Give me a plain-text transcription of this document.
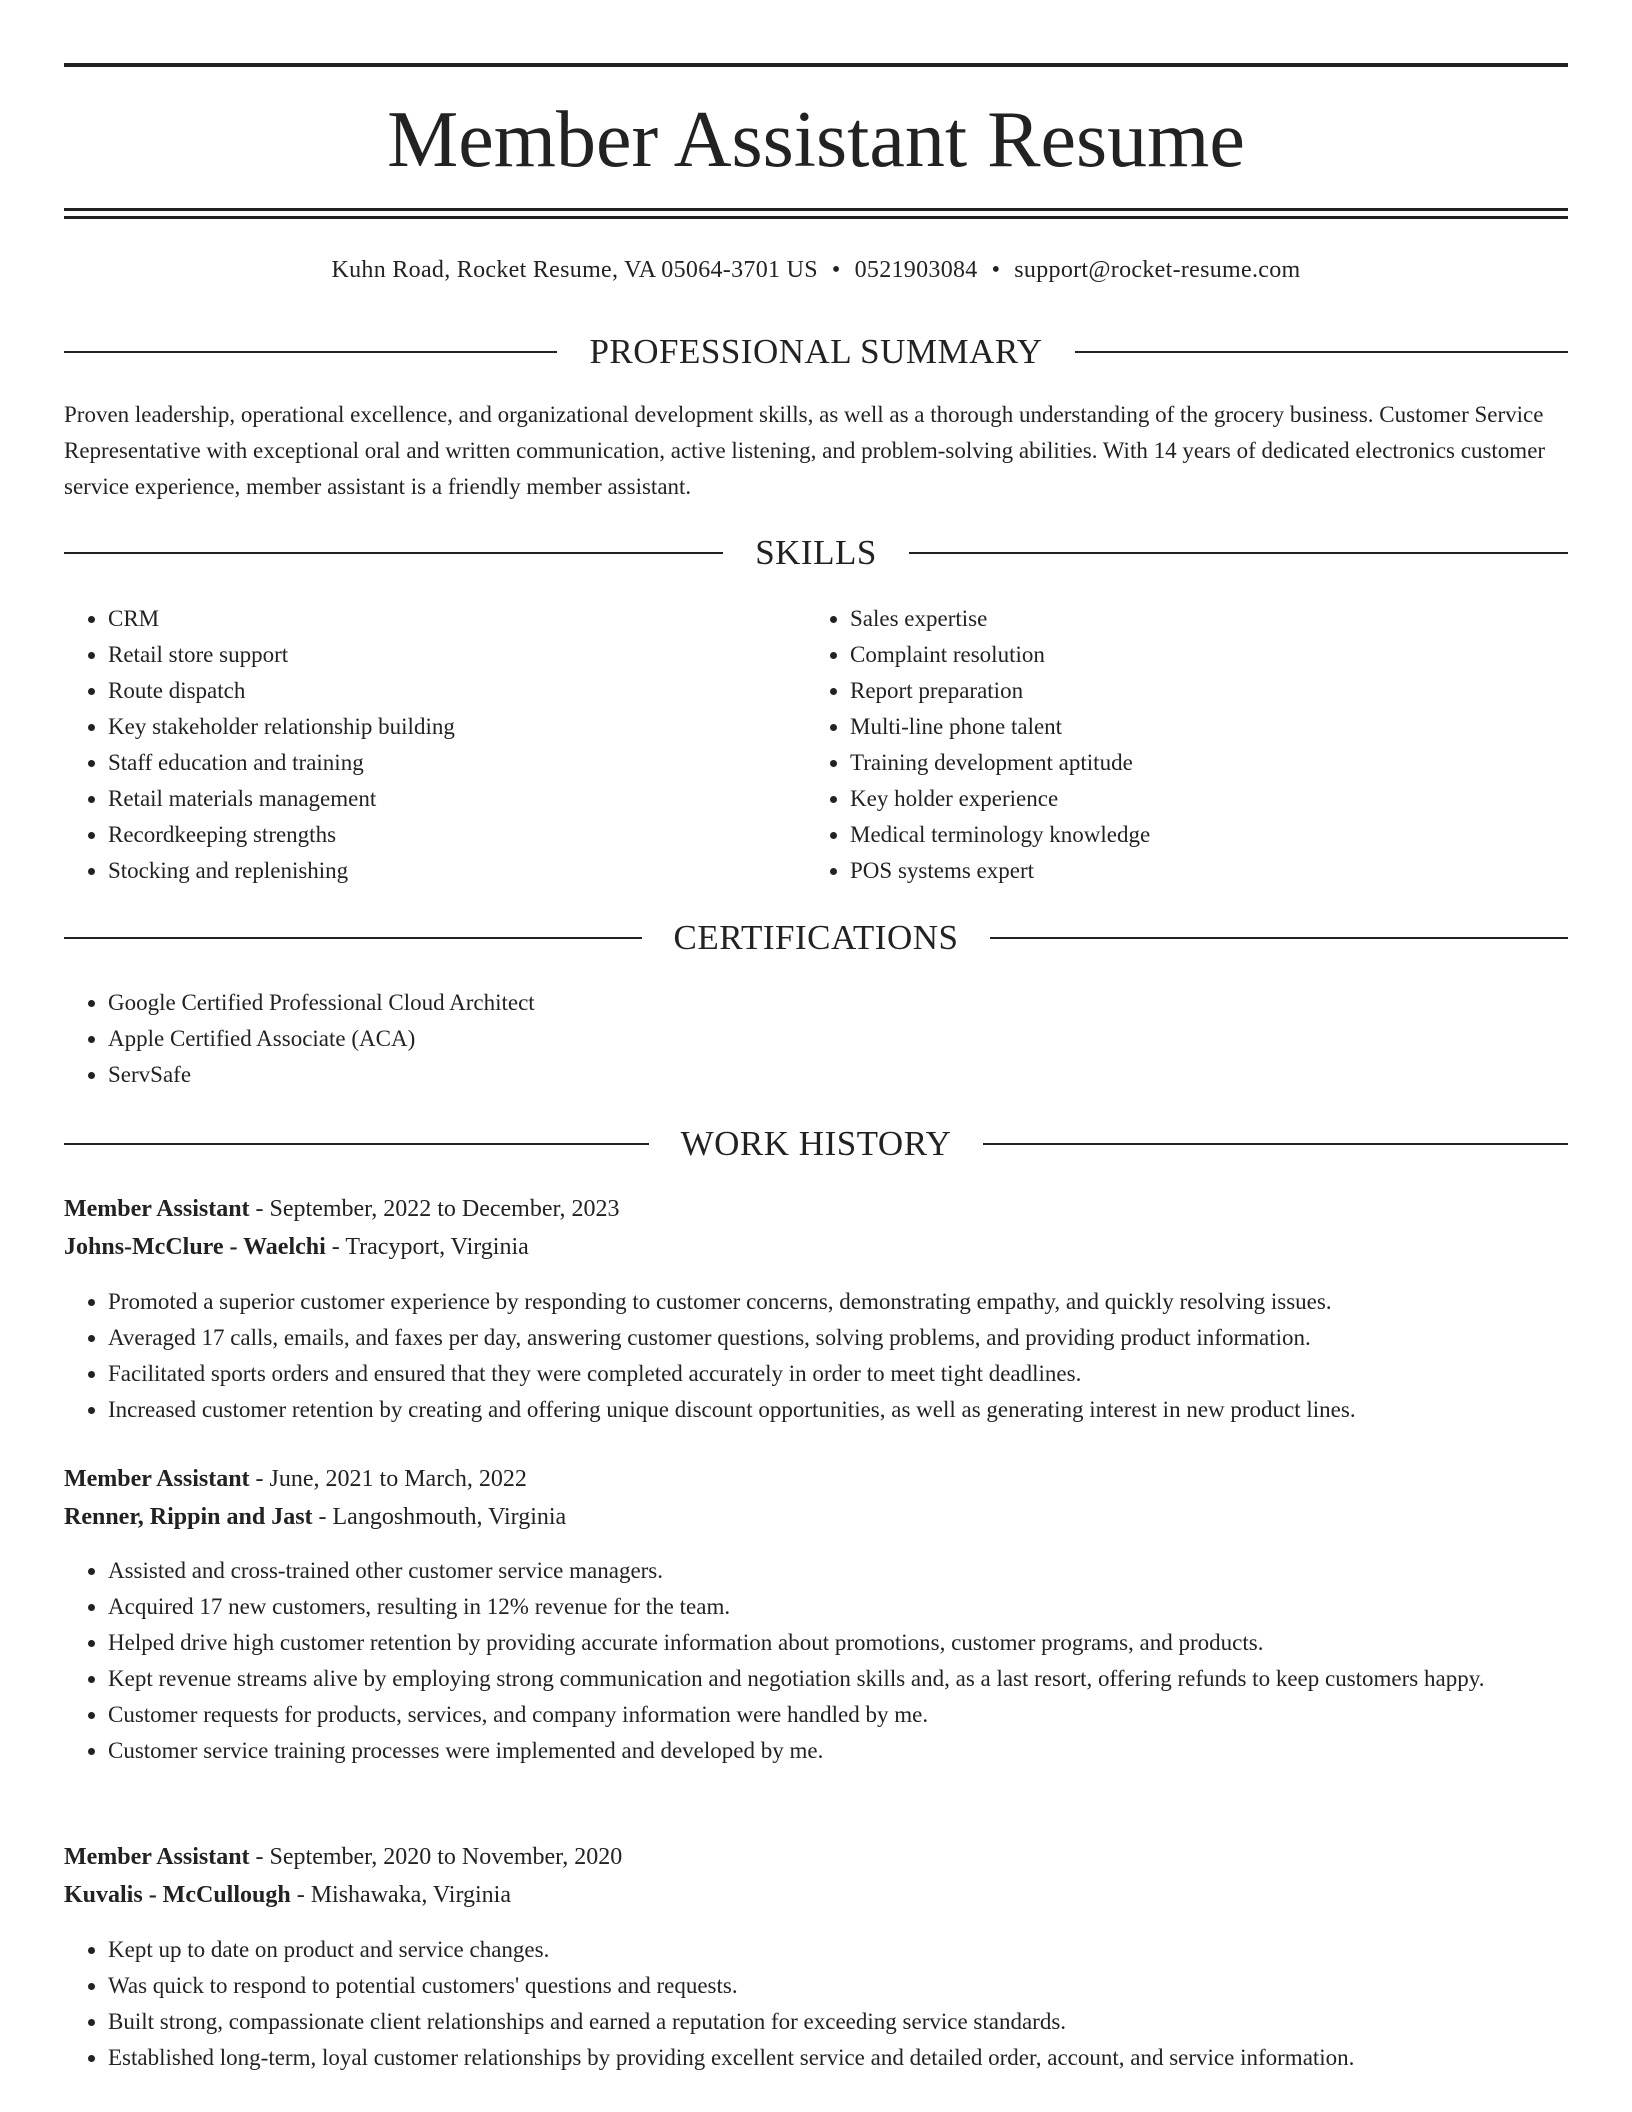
Member Assistant Resume
Kuhn Road, Rocket Resume, VA 05064-3701 US • 0521903084 • support@rocket-resume.com
PROFESSIONAL SUMMARY

Proven leadership, operational excellence, and organizational development skills, as well as a thorough understanding of the grocery business. Customer Service Representative with exceptional oral and written communication, active listening, and problem-solving abilities. With 14 years of dedicated electronics customer service experience, member assistant is a friendly member assistant.

SKILLS
• CRM
• Retail store support
• Route dispatch
• Key stakeholder relationship building
• Staff education and training
• Retail materials management
• Recordkeeping strengths
• Stocking and replenishing
• Sales expertise
• Complaint resolution
• Report preparation
• Multi-line phone talent
• Training development aptitude
• Key holder experience
• Medical terminology knowledge
• POS systems expert
CERTIFICATIONS
• Google Certified Professional Cloud Architect
• Apple Certified Associate (ACA)
• ServSafe
WORK HISTORY
Member Assistant - September, 2022 to December, 2023
Johns-McClure - Waelchi - Tracyport, Virginia
• Promoted a superior customer experience by responding to customer concerns, demonstrating empathy, and quickly resolving issues.
• Averaged 17 calls, emails, and faxes per day, answering customer questions, solving problems, and providing product information.
• Facilitated sports orders and ensured that they were completed accurately in order to meet tight deadlines.
• Increased customer retention by creating and offering unique discount opportunities, as well as generating interest in new product lines.
Member Assistant - June, 2021 to March, 2022
Renner, Rippin and Jast - Langoshmouth, Virginia
• Assisted and cross-trained other customer service managers.
• Acquired 17 new customers, resulting in 12% revenue for the team.
• Helped drive high customer retention by providing accurate information about promotions, customer programs, and products.
• Kept revenue streams alive by employing strong communication and negotiation skills and, as a last resort, offering refunds to keep customers happy.
• Customer requests for products, services, and company information were handled by me.
• Customer service training processes were implemented and developed by me.
Member Assistant - September, 2020 to November, 2020
Kuvalis - McCullough - Mishawaka, Virginia
• Kept up to date on product and service changes.
• Was quick to respond to potential customers' questions and requests.
• Built strong, compassionate client relationships and earned a reputation for exceeding service standards.
• Established long-term, loyal customer relationships by providing excellent service and detailed order, account, and service information.
